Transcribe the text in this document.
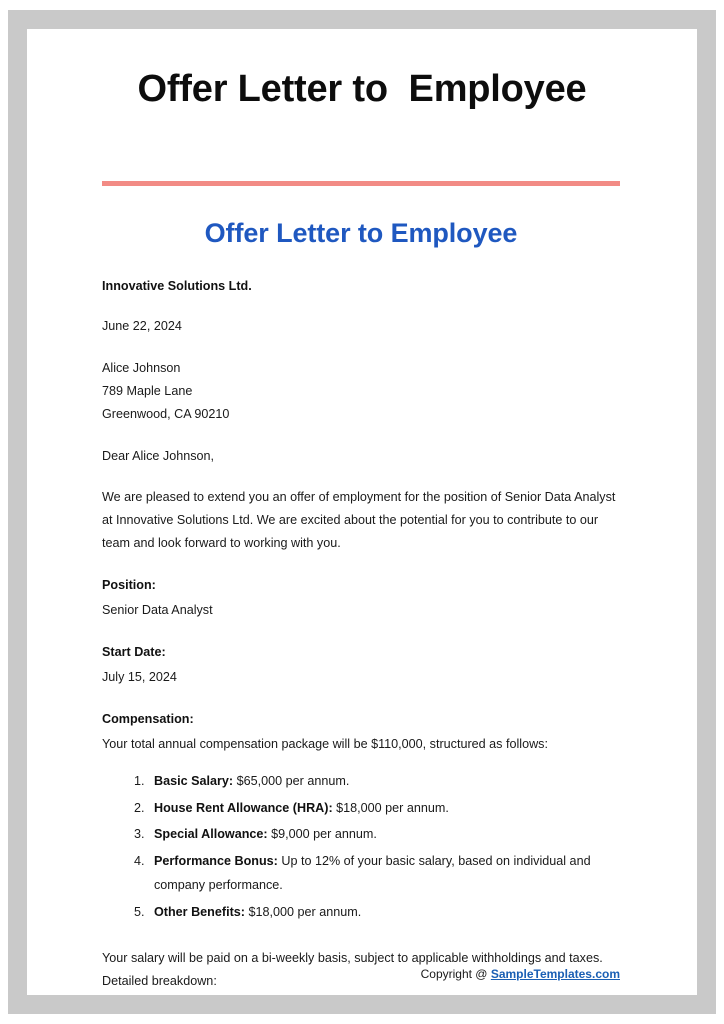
Offer Letter to  Employee
Offer Letter to Employee

Innovative Solutions Ltd.

June 22, 2024

Alice Johnson
789 Maple Lane
Greenwood, CA 90210

Dear Alice Johnson,

We are pleased to extend you an offer of employment for the position of Senior Data Analyst at Innovative Solutions Ltd. We are excited about the potential for you to contribute to our team and look forward to working with you.

Position:

Senior Data Analyst

Start Date:

July 15, 2024

Compensation:

Your total annual compensation package will be $110,000, structured as follows:

1. Basic Salary: $65,000 per annum.
2. House Rent Allowance (HRA): $18,000 per annum.
3. Special Allowance: $9,000 per annum.
4. Performance Bonus: Up to 12% of your basic salary, based on individual and company performance.
5. Other Benefits: $18,000 per annum.

Your salary will be paid on a bi-weekly basis, subject to applicable withholdings and taxes. Detailed breakdown:

Copyright @ SampleTemplates.com
